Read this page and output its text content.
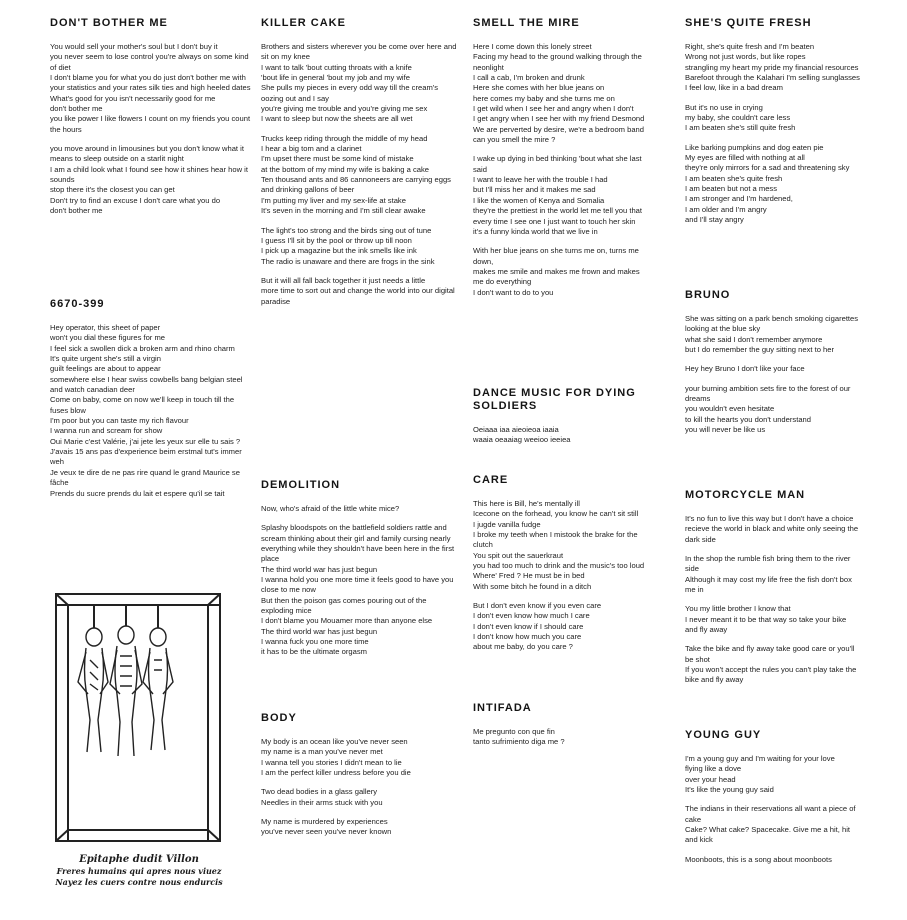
DON'T BOTHER ME
You would sell your mother's soul but I don't buy it
you never seem to lose control you're always on some kind of diet
I don't blame you for what you do just don't bother me with your statistics and your rates silk ties and high heeled dates
What's good for you isn't necessarily good for me
don't bother me
you like power I like flowers I count on my friends you count the hours
you move around in limousines but you don't know what it means to sleep outside on a starlit night
I am a child look what I found see how it shines hear how it sounds
stop there it's the closest you can get
Don't try to find an excuse I don't care what you do
don't bother me
6670-399
Hey operator, this sheet of paper
won't you dial these figures for me
I feel sick a swollen dick a broken arm and rhino charm
It's quite urgent she's still a virgin
guilt feelings are about to appear
somewhere else I hear swiss cowbells bang belgian steel and watch canadian deer
Come on baby, come on now we'll keep in touch till the fuses blow
I'm poor but you can taste my rich flavour
I wanna run and scream for show
Oui Marie c'est Valérie, j'ai jete les yeux sur elle tu sais ?
J'avais 15 ans pas d'experience beim erstmal tut's immer weh
Je veux te dire de ne pas rire quand le grand Maurice se fâche
Prends du sucre prends du lait et espere qu'il se tait
KILLER CAKE
Brothers and sisters wherever you be come over here and sit on my knee
I want to talk 'bout cutting throats with a knife
'bout life in general 'bout my job and my wife
She pulls my pieces in every odd way till the cream's oozing out and I say
you're giving me trouble and you're giving me sex
I want to sleep but now the sheets are all wet
Trucks keep riding through the middle of my head
I hear a big tom and a clarinet
I'm upset there must be some kind of mistake
at the bottom of my mind my wife is baking a cake
Ten thousand ants and 86 cannoneers are carrying eggs and drinking gallons of beer
I'm putting my liver and my sex-life at stake
It's seven in the morning and I'm still clear awake
The light's too strong and the birds sing out of tune
I guess I'll sit by the pool or throw up till noon
I pick up a magazine but the ink smells like ink
The radio is unaware and there are frogs in the sink
But it will all fall back together it just needs a little
more time to sort out and change the world into our digital paradise
DEMOLITION
Now, who's afraid of the little white mice?
Splashy bloodspots on the battlefield soldiers rattle and scream thinking about their girl and family cursing nearly
everything while they shouldn't have been here in the first place
The third world war has just begun
I wanna hold you one more time it feels good to have you close to me now
But then the poison gas comes pouring out of the exploding mice
I don't blame you Mouamer more than anyone else
The third world war has just begun
I wanna fuck you one more time
it has to be the ultimate orgasm
BODY
My body is an ocean like you've never seen
my name is a man you've never met
I wanna tell you stories I didn't mean to lie
I am the perfect killer undress before you die
Two dead bodies in a glass gallery
Needles in their arms stuck with you
My name is murdered by experiences
you've never seen you've never known
SMELL THE MIRE
Here I come down this lonely street
Facing my head to the ground walking through the neonlight
I call a cab, I'm broken and drunk
Here she comes with her blue jeans on
here comes my baby and she turns me on
I get wild when I see her and angry when I don't
I get angry when I see her with my friend Desmond
We are perverted by desire, we're a bedroom band
can you smell the mire ?
I wake up dying in bed thinking 'bout what she last said
I want to leave her with the trouble I had
but I'll miss her and it makes me sad
I like the women of Kenya and Somalia
they're the prettiest in the world let me tell you that
every time I see one I just want to touch her skin
it's a funny kinda world that we live in
With her blue jeans on she turns me on, turns me down,
makes me smile and makes me frown and makes me do everything
I don't want to do to you
DANCE MUSIC FOR DYING SOLDIERS
Oeiaaa iaa aieoieoa iaaia
waaia oeaaiag weeioo ieeiea
CARE
This here is Bill, he's mentally ill
Icecone on the forhead, you know he can't sit still
I jugde vanilla fudge
I broke my teeth when I mistook the brake for the clutch
You spit out the sauerkraut
you had too much to drink and the music's too loud
Where' Fred ? He must be in bed
With some bitch he found in a ditch
But I don't even know if you even care
I don't even know how much I care
I don't even know if I should care
I don't know how much you care
about me baby, do you care ?
INTIFADA
Me pregunto con que fin
tanto sufrimiento diga me ?
SHE'S QUITE FRESH
Right, she's quite fresh and I'm beaten
Wrong not just words, but like ropes
strangling my heart my pride my financial resources
Barefoot through the Kalahari I'm selling sunglasses
I feel low, like in a bad dream
But it's no use in crying
my baby, she couldn't care less
I am beaten she's still quite fresh
Like barking pumpkins and dog eaten pie
My eyes are filled with nothing at all
they're only mirrors for a sad and threatening sky
I am beaten she's quite fresh
I am beaten but not a mess
I am stronger and I'm hardened,
I am older and I'm angry
and I'll stay angry
BRUNO
She was sitting on a park bench smoking cigarettes
looking at the blue sky
what she said I don't remember anymore
but I do remember the guy sitting next to her
Hey hey Bruno I don't like your face
your burning ambition sets fire to the forest of our dreams
you wouldn't even hesitate
to kill the hearts you don't understand
you will never be like us
MOTORCYCLE MAN
It's no fun to live this way but I don't have a choice
recieve the world in black and white only seeing the dark side
In the shop the rumble fish bring them to the river side
Although it may cost my life free the fish don't box me in
You my little brother I know that
I never meant it to be that way so take your bike and fly away
Take the bike and fly away take good care or you'll be shot
If you won't accept the rules you can't play take the bike and fly away
YOUNG GUY
I'm a young guy and I'm waiting for your love
flying like a dove
over your head
It's like the young guy said
The indians in their reservations all want a piece of cake
Cake? What cake? Spacecake. Give me a hit, hit and kick
Moonboots, this is a song about moonboots
Epitaphe dudit Villon
Freres humains qui apres nous viuez
Nayez les cuers contre nous endurcis
